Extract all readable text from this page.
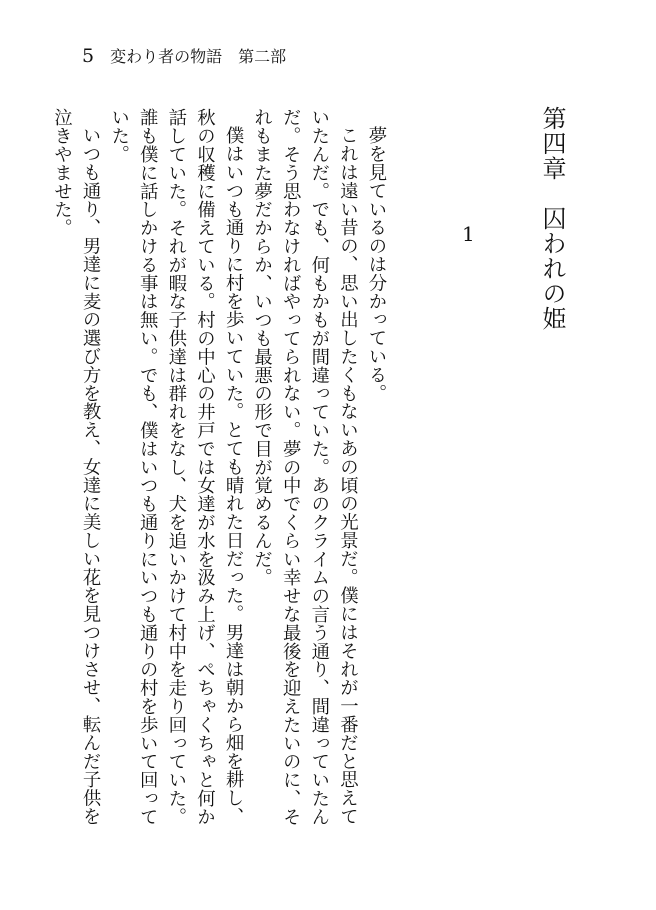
5 変わり者の物語　第二部
第四章　囚われの姫
1

夢を見ているのは分かっている。

これは遠い昔の、思い出したくもないあの頃の光景だ。僕にはそれが一番だと思えていたんだ。でも、何もかもが間違っていた。あのクライムの言う通り、間違っていたんだ。そう思わなければやってられない。夢の中でくらい幸せな最後を迎えたいのに、それもまた夢だからか、いつも最悪の形で目が覚めるんだ。

僕はいつも通りに村を歩いていた。とても晴れた日だった。男達は朝から畑を耕し、秋の収穫に備えている。村の中心の井戸では女達が水を汲み上げ、ぺちゃくちゃと何か話していた。それが暇な子供達は群れをなし、犬を追いかけて村中を走り回っていた。誰も僕に話しかける事は無い。でも、僕はいつも通りにいつも通りの村を歩いて回っていた。

いつも通り、男達に麦の選び方を教え、女達に美しい花を見つけさせ、転んだ子供を泣きやませた。
